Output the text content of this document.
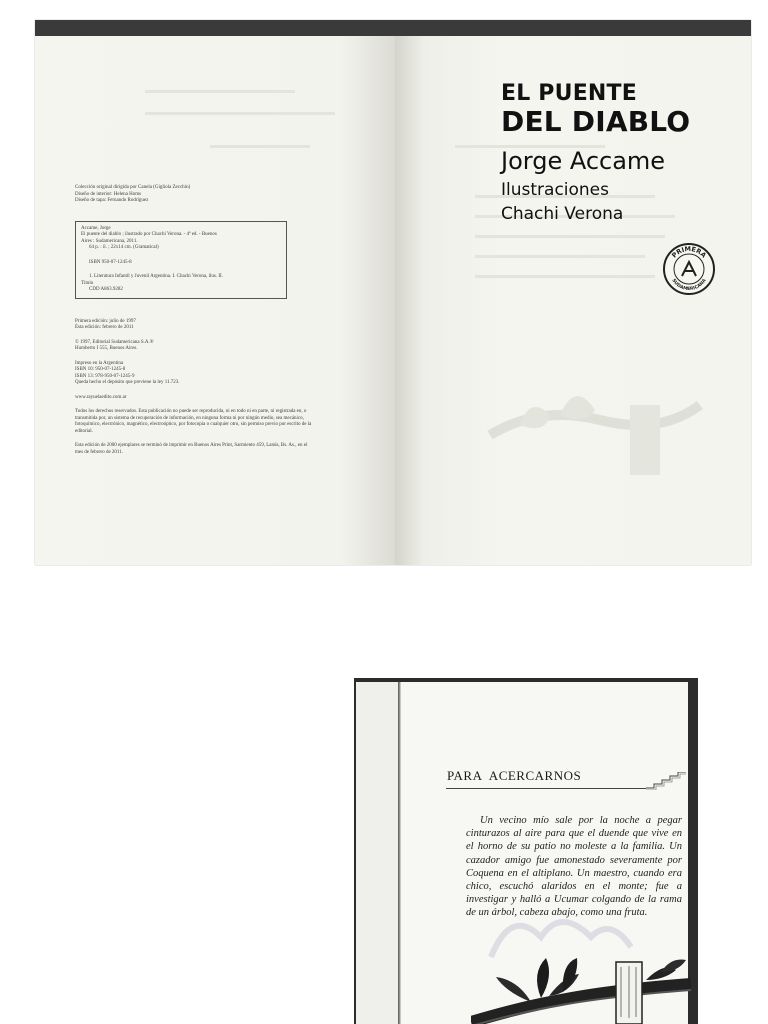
Colección original dirigida por Canela (Gigliola Zecchin)

Diseño de interior: Helena Homs

Diseño de tapa: Fernando Rodríguez

Accame, Jorge

El puente del diablo ; ilustrado por Chachi Verona. - 4ª ed. - Buenos

Aires : Sudamericana, 2011.

64 p. : il. ; 22x14 cm. (Gramatical)

ISBN 950-07-1245-8

1. Literatura Infantil y Juvenil Argentina. I. Chachi Verona, ilus. II.

Título

CDD A863.9282

Primera edición: julio de 1997

Ésta edición: febrero de 2011

© 1997, Editorial Sudamericana S.A.®

Humberto I 555, Buenos Aires.

Impreso en la Argentina

ISBN 10: 950-07-1245-8

ISBN 13: 978-950-07-1245-9

Queda hecho el depósito que previene la ley 11.723.

www.rayuelaedito.com.ar

Todos los derechos reservados. Esta publicación no puede ser reproducida, ni en todo ni en parte, ni registrada en, o transmitida por, un sistema de recuperación de información, en ninguna forma ni por ningún medio, sea mecánico, fotoquímico, electrónico, magnético, electroóptico, por fotocopia o cualquier otro, sin permiso previo por escrito de la editorial.

Esta edición de 2000 ejemplares se terminó de imprimir en Buenos Aires Print, Sarmiento 459, Lanús, Bs. As., en el mes de febrero de 2011.

EL PUENTE
DEL DIABLO
Jorge Accame
Ilustraciones
Chachi Verona
PRIMERA
SUDAMERICANA
PARA ACERCARNOS
Un vecino mío sale por la noche a pegar cinturazos al aire para que el duende que vive en el horno de su patio no moleste a la familia. Un cazador amigo fue amonestado severamente por Coquena en el altiplano. Un maestro, cuando era chico, escuchó alaridos en el monte; fue a investigar y halló a Ucumar colgando de la rama de un árbol, cabeza abajo, como una fruta.
